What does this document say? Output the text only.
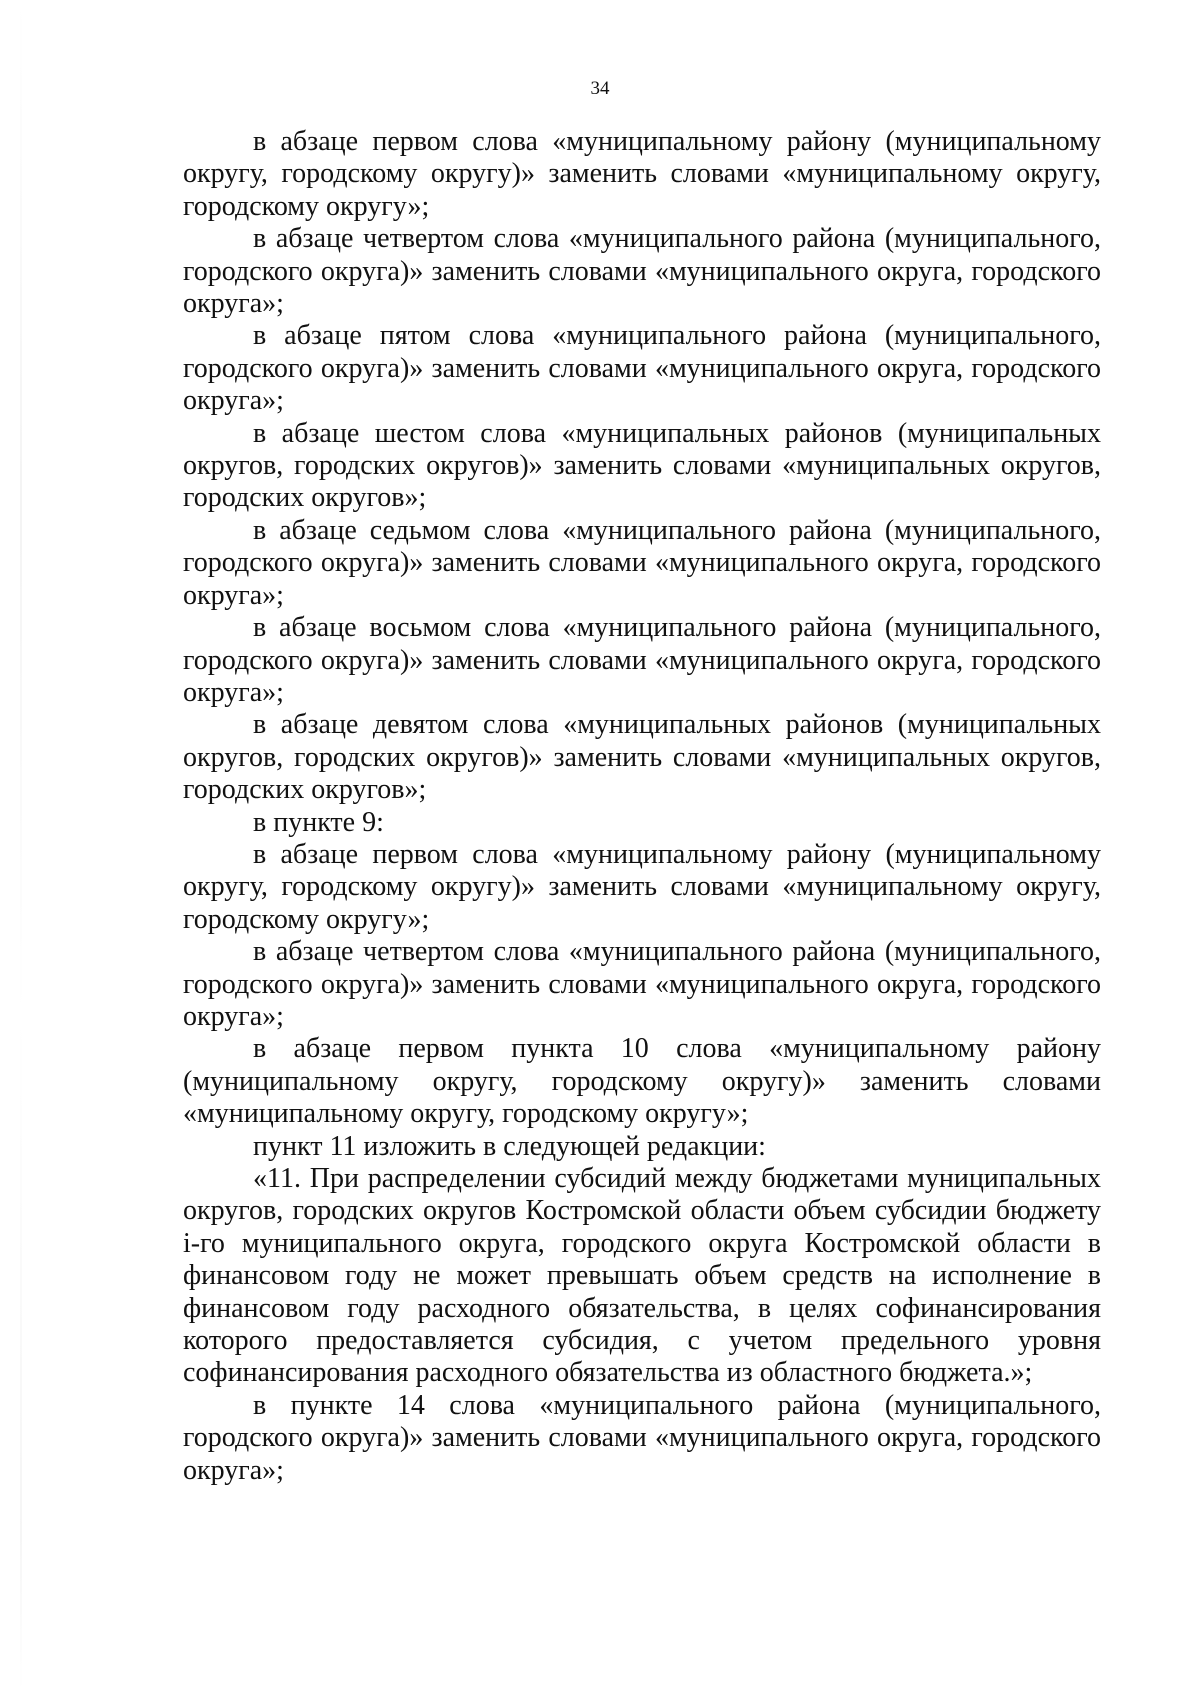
34

в абзаце первом слова «муниципальному району (муниципальному округу, городскому округу)» заменить словами «муниципальному округу, городскому округу»;

в абзаце четвертом слова «муниципального района (муниципального, городского округа)» заменить словами «муниципального округа, городского округа»;

в абзаце пятом слова «муниципального района (муниципального, городского округа)» заменить словами «муниципального округа, городского округа»;

в абзаце шестом слова «муниципальных районов (муниципальных округов, городских округов)» заменить словами «муниципальных округов, городских округов»;

в абзаце седьмом слова «муниципального района (муниципального, городского округа)» заменить словами «муниципального округа, городского округа»;

в абзаце восьмом слова «муниципального района (муниципального, городского округа)» заменить словами «муниципального округа, городского округа»;

в абзаце девятом слова «муниципальных районов (муниципальных округов, городских округов)» заменить словами «муниципальных округов, городских округов»;

в пункте 9:

в абзаце первом слова «муниципальному району (муниципальному округу, городскому округу)» заменить словами «муниципальному округу, городскому округу»;

в абзаце четвертом слова «муниципального района (муниципального, городского округа)» заменить словами «муниципального округа, городского округа»;

в абзаце первом пункта 10 слова «муниципальному району (муниципальному округу, городскому округу)» заменить словами «муниципальному округу, городскому округу»;

пункт 11 изложить в следующей редакции:

«11. При распределении субсидий между бюджетами муниципальных округов, городских округов Костромской области объем субсидии бюджету i-го муниципального округа, городского округа Костромской области в финансовом году не может превышать объем средств на исполнение в финансовом году расходного обязательства, в целях софинансирования которого предоставляется субсидия, с учетом предельного уровня софинансирования расходного обязательства из областного бюджета.»;

в пункте 14 слова «муниципального района (муниципального, городского округа)» заменить словами «муниципального округа, городского округа»;
